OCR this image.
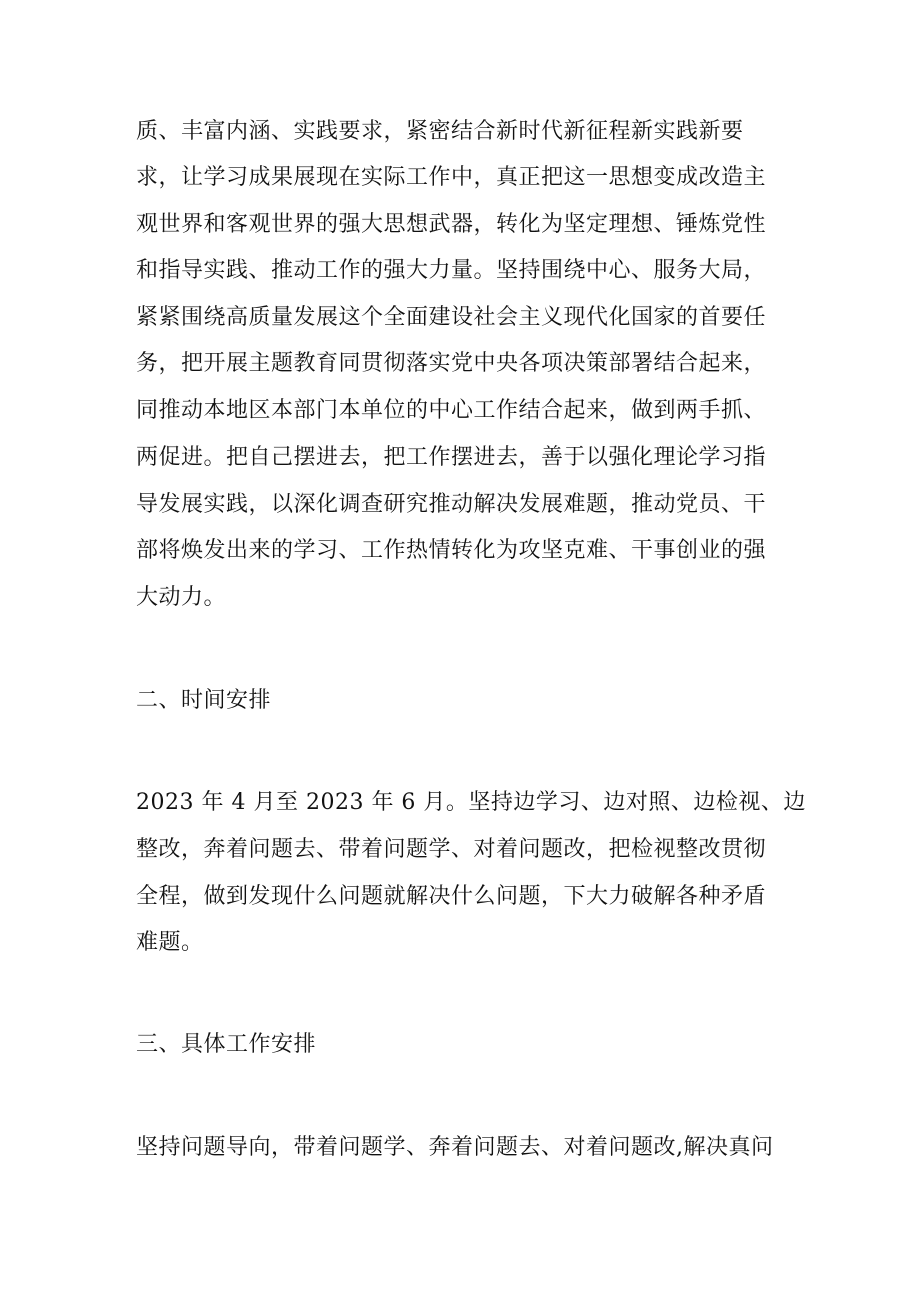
质、丰富内涵、实践要求，紧密结合新时代新征程新实践新要
求，让学习成果展现在实际工作中，真正把这一思想变成改造主
观世界和客观世界的强大思想武器，转化为坚定理想、锤炼党性
和指导实践、推动工作的强大力量。坚持围绕中心、服务大局，
紧紧围绕高质量发展这个全面建设社会主义现代化国家的首要任
务，把开展主题教育同贯彻落实党中央各项决策部署结合起来，
同推动本地区本部门本单位的中心工作结合起来，做到两手抓、
两促进。把自己摆进去，把工作摆进去，善于以强化理论学习指
导发展实践，以深化调查研究推动解决发展难题，推动党员、干
部将焕发出来的学习、工作热情转化为攻坚克难、干事创业的强
大动力。
二、时间安排
2023 年 4 月至 2023 年 6 月。坚持边学习、边对照、边检视、边
整改，奔着问题去、带着问题学、对着问题改，把检视整改贯彻
全程，做到发现什么问题就解决什么问题，下大力破解各种矛盾
难题。
三、具体工作安排
坚持问题导向，带着问题学、奔着问题去、对着问题改,解决真问
